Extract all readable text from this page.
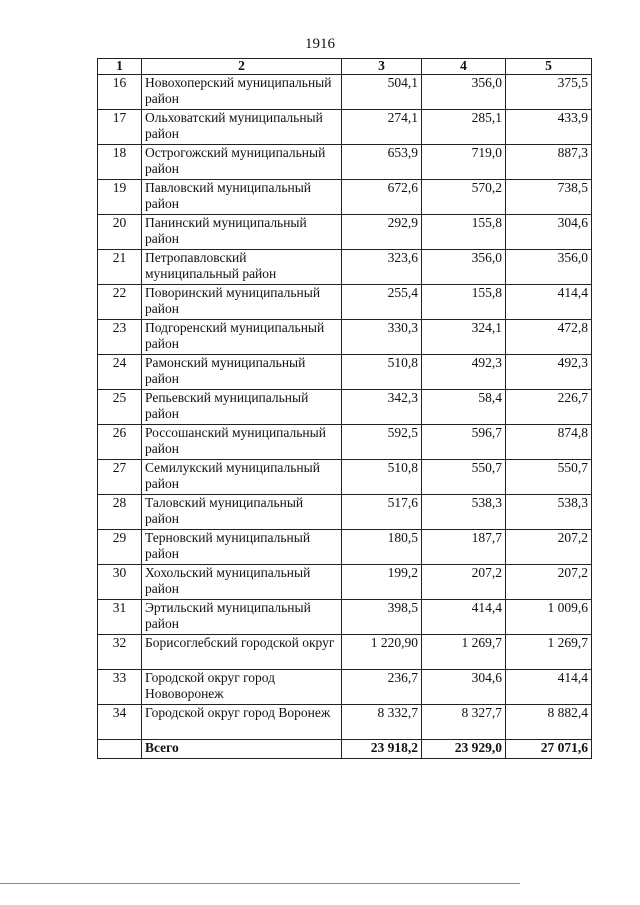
1916
1	2	3	4	5
16	Новохоперский муниципальный район	504,1	356,0	375,5
17	Ольховатский муниципальный район	274,1	285,1	433,9
18	Острогожский муниципальный район	653,9	719,0	887,3
19	Павловский муниципальный район	672,6	570,2	738,5
20	Панинский муниципальный район	292,9	155,8	304,6
21	Петропавловский муниципальный район	323,6	356,0	356,0
22	Поворинский муниципальный район	255,4	155,8	414,4
23	Подгоренский муниципальный район	330,3	324,1	472,8
24	Рамонский муниципальный район	510,8	492,3	492,3
25	Репьевский муниципальный район	342,3	58,4	226,7
26	Россошанский муниципальный район	592,5	596,7	874,8
27	Семилукский муниципальный район	510,8	550,7	550,7
28	Таловский муниципальный район	517,6	538,3	538,3
29	Терновский муниципальный район	180,5	187,7	207,2
30	Хохольский муниципальный район	199,2	207,2	207,2
31	Эртильский муниципальный район	398,5	414,4	1 009,6
32	Борисоглебский городской округ	1 220,90	1 269,7	1 269,7
33	Городской округ город Нововоронеж	236,7	304,6	414,4
34	Городской округ город Воронеж	8 332,7	8 327,7	8 882,4
	Всего	23 918,2	23 929,0	27 071,6
